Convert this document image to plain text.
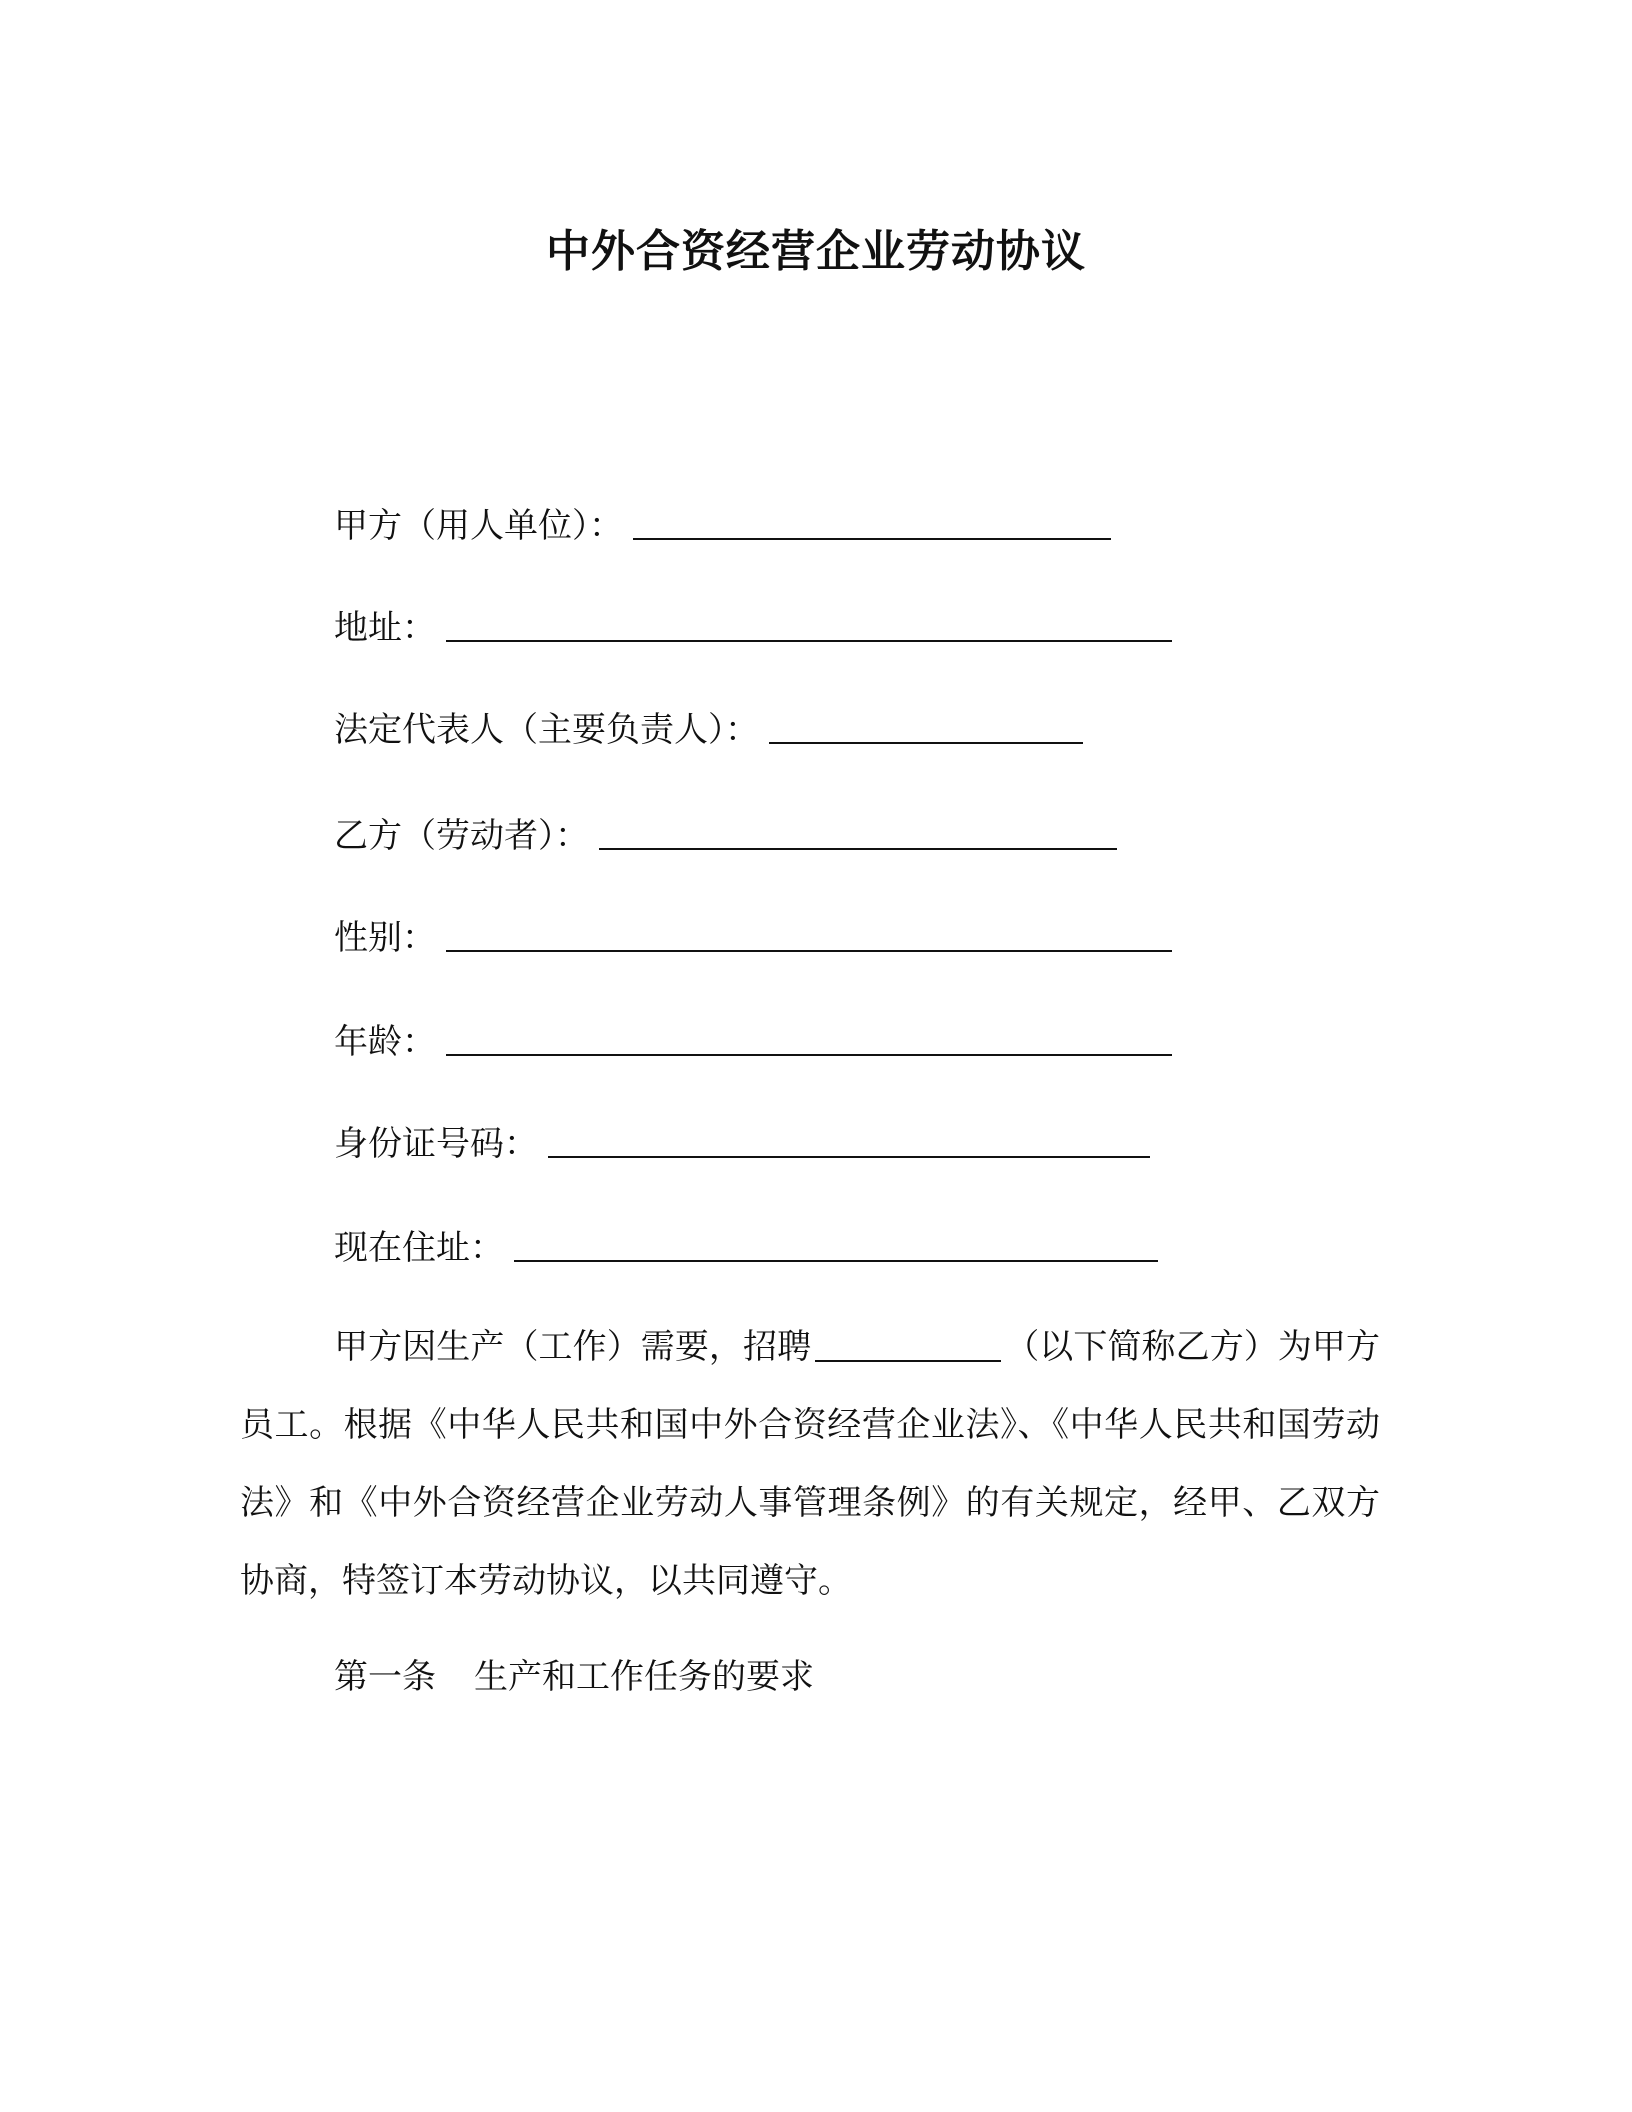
中外合资经营企业劳动协议
甲方（用人单位）：
地址：
法定代表人（主要负责人）：
乙方（劳动者）：
性别：
年龄：
身份证号码：
现在住址：
甲方因生产（工作）需要，招聘	（以下简称乙方）为甲方员工。根据《中华人民共和国中外合资经营企业法》、《中华人民共和国劳动法》和《中外合资经营企业劳动人事管理条例》的有关规定，经甲、乙双方协商，特签订本劳动协议，以共同遵守。
第一条 生产和工作任务的要求
